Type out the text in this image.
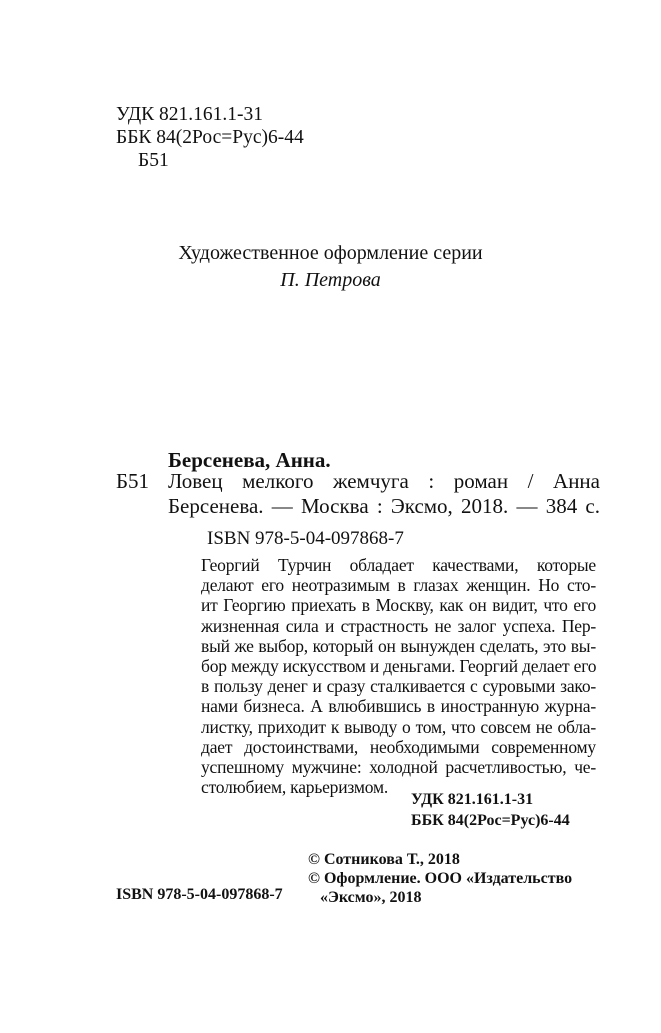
УДК 821.161.1-31
ББК 84(2Рос=Рус)6-44
Б51
Художественное оформление серии
П. Петрова
Берсенева, Анна.
Б51 Ловец мелкого жемчуга : роман / Анна
Берсенева. — Москва : Эксмо, 2018. — 384 с.
ISBN 978-5-04-097868-7
Георгий Турчин обладает качествами, которые
делают его неотразимым в глазах женщин. Но сто-
ит Георгию приехать в Москву, как он видит, что его
жизненная сила и страстность не залог успеха. Пер-
вый же выбор, который он вынужден сделать, это вы-
бор между искусством и деньгами. Георгий делает его
в пользу денег и сразу сталкивается с суровыми зако-
нами бизнеса. А влюбившись в иностранную журна-
листку, приходит к выводу о том, что совсем не обла-
дает достоинствами, необходимыми современному
успешному мужчине: холодной расчетливостью, че-
столюбием, карьеризмом.
УДК 821.161.1-31
ББК 84(2Рос=Рус)6-44
© Сотникова Т., 2018
© Оформление. ООО «Издательство
«Эксмо», 2018
ISBN 978-5-04-097868-7
